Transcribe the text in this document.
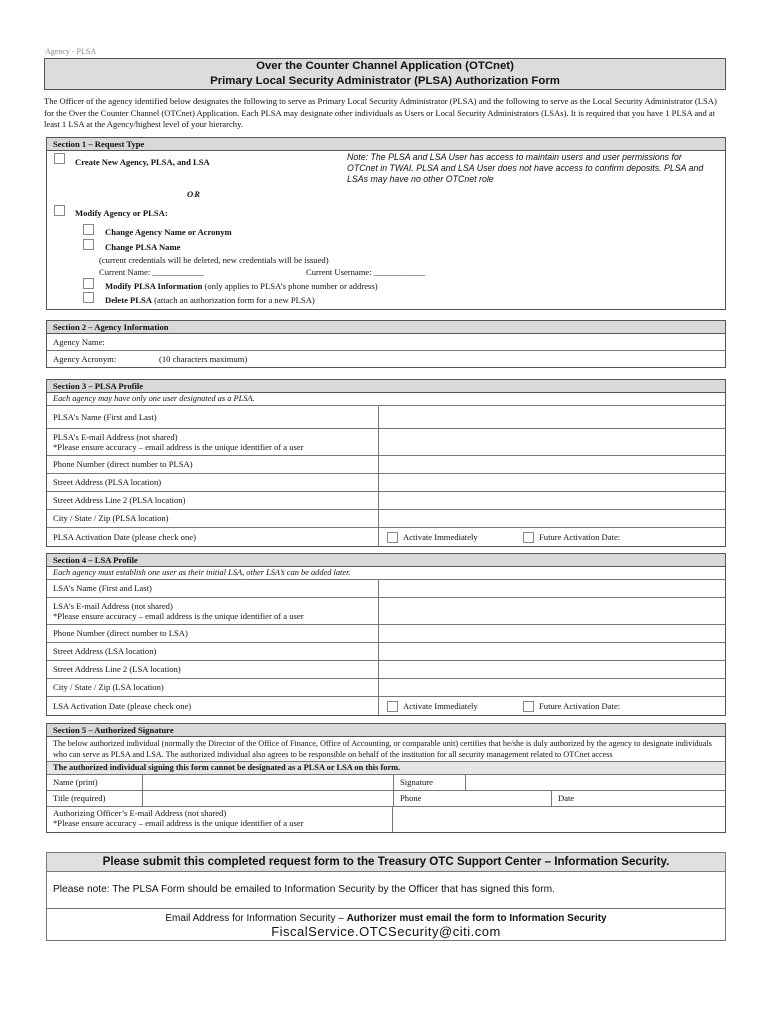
Agency - PLSA
Over the Counter Channel Application (OTCnet)
Primary Local Security Administrator (PLSA) Authorization Form
The Officer of the agency identified below designates the following to serve as Primary Local Security Administrator (PLSA) and the following to serve as the Local Security Administrator (LSA) for the Over the Counter Channel (OTCnet) Application. Each PLSA may designate other individuals as Users or Local Security Administrators (LSAs). It is required that you have 1 PLSA and at least 1 LSA at the Agency/highest level of your hierarchy.
Section 1 – Request Type
Create New Agency, PLSA, and LSA	Note: The PLSA and LSA User has access to maintain users and user permissions for OTCnet in TWAI. PLSA and LSA User does not have access to confirm deposits. PLSA and LSAs may have no other OTCnet role
OR
Modify Agency or PLSA:
Change Agency Name or Acronym
Change PLSA Name
(current credentials will be deleted, new credentials will be issued)
Current Name: ____________	Current Username: ____________
Modify PLSA Information (only applies to PLSA’s phone number or address)
Delete PLSA (attach an authorization form for a new PLSA)
Section 2 – Agency Information
Agency Name:
Agency Acronym:	(10 characters maximum)
Section 3 – PLSA Profile
Each agency may have only one user designated as a PLSA.
PLSA’s Name (First and Last)
PLSA’s E-mail Address (not shared)
*Please ensure accuracy – email address is the unique identifier of a user
Phone Number (direct number to PLSA)
Street Address (PLSA location)
Street Address Line 2 (PLSA location)
City / State / Zip (PLSA location)
PLSA Activation Date (please check one)	Activate Immediately	Future Activation Date:
Section 4 – LSA Profile
Each agency must establish one user as their initial LSA, other LSA’s can be added later.
LSA’s Name (First and Last)
LSA’s E-mail Address (not shared)
*Please ensure accuracy – email address is the unique identifier of a user
Phone Number (direct number to LSA)
Street Address (LSA location)
Street Address Line 2 (LSA location)
City / State / Zip (LSA location)
LSA Activation Date (please check one)	Activate Immediately	Future Activation Date:
Section 5 – Authorized Signature
The below authorized individual (normally the Director of the Office of Finance, Office of Accounting, or comparable unit) certifies that he/she is duly authorized by the agency to designate individuals who can serve as PLSA and LSA. The authorized individual also agrees to be responsible on behalf of the institution for all security management related to OTCnet access
The authorized individual signing this form cannot be designated as a PLSA or LSA on this form.
Name (print)	Signature
Title (required)	Phone	Date
Authorizing Officer’s E-mail Address (not shared)
*Please ensure accuracy – email address is the unique identifier of a user
Please submit this completed request form to the Treasury OTC Support Center – Information Security.
Please note: The PLSA Form should be emailed to Information Security by the Officer that has signed this form.
Email Address for Information Security – Authorizer must email the form to Information Security
FiscalService.OTCSecurity@citi.com
